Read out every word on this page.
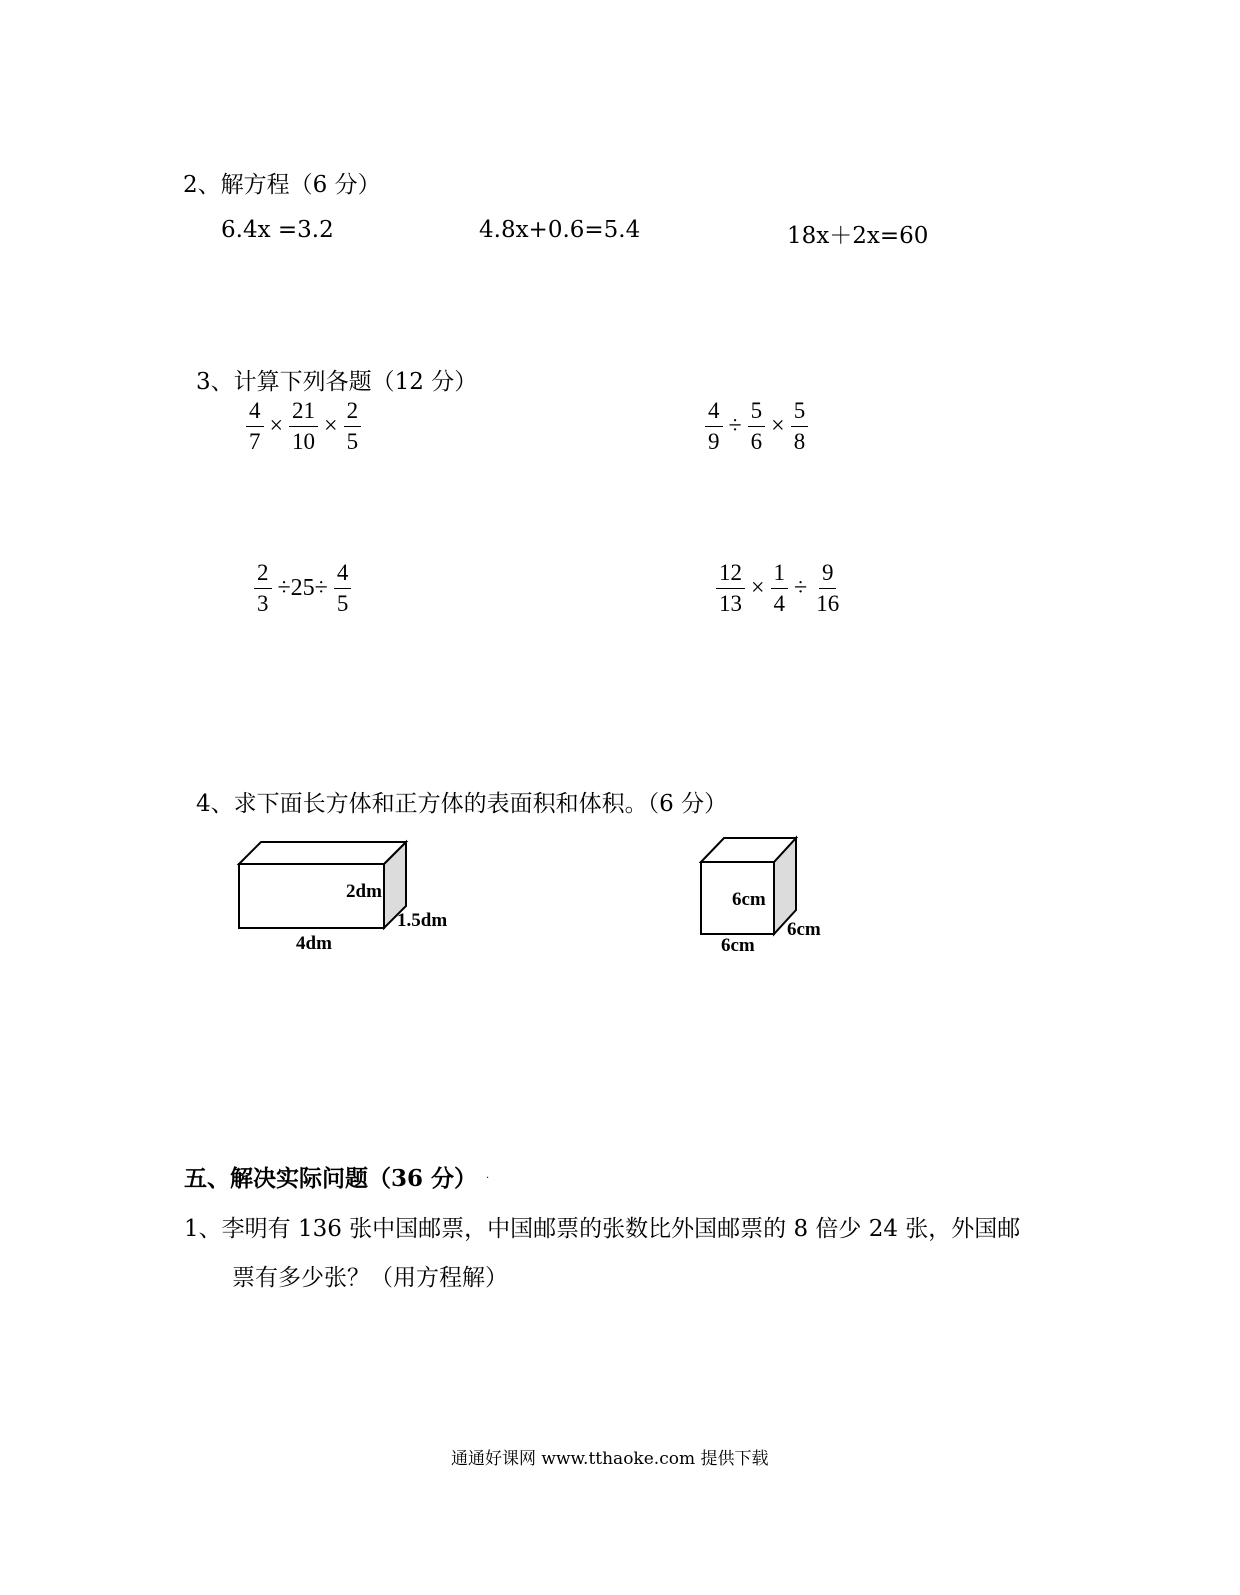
2、解方程（6 分）
6.4x =3.2	4.8x+0.6=5.4	18x＋2x=60
3、计算下列各题（12 分）
$\frac{4}{7} \times \frac{21}{10} \times \frac{2}{5}$	$\frac{4}{9} \div \frac{5}{6} \times \frac{5}{8}$
$\frac{2}{3} \div 25\div \frac{4}{5}$	$\frac{12}{13} \times \frac{1}{4} \div \frac{9}{16}$
4、求下面长方体和正方体的表面积和体积。（6 分）
2dm
1.5dm
4dm
6cm
6cm
6cm
五、解决实际问题（36 分） .
1、李明有 136 张中国邮票，中国邮票的张数比外国邮票的 8 倍少 24 张，外国邮
票有多少张？（用方程解）
通通好课网 www.tthaoke.com 提供下载
